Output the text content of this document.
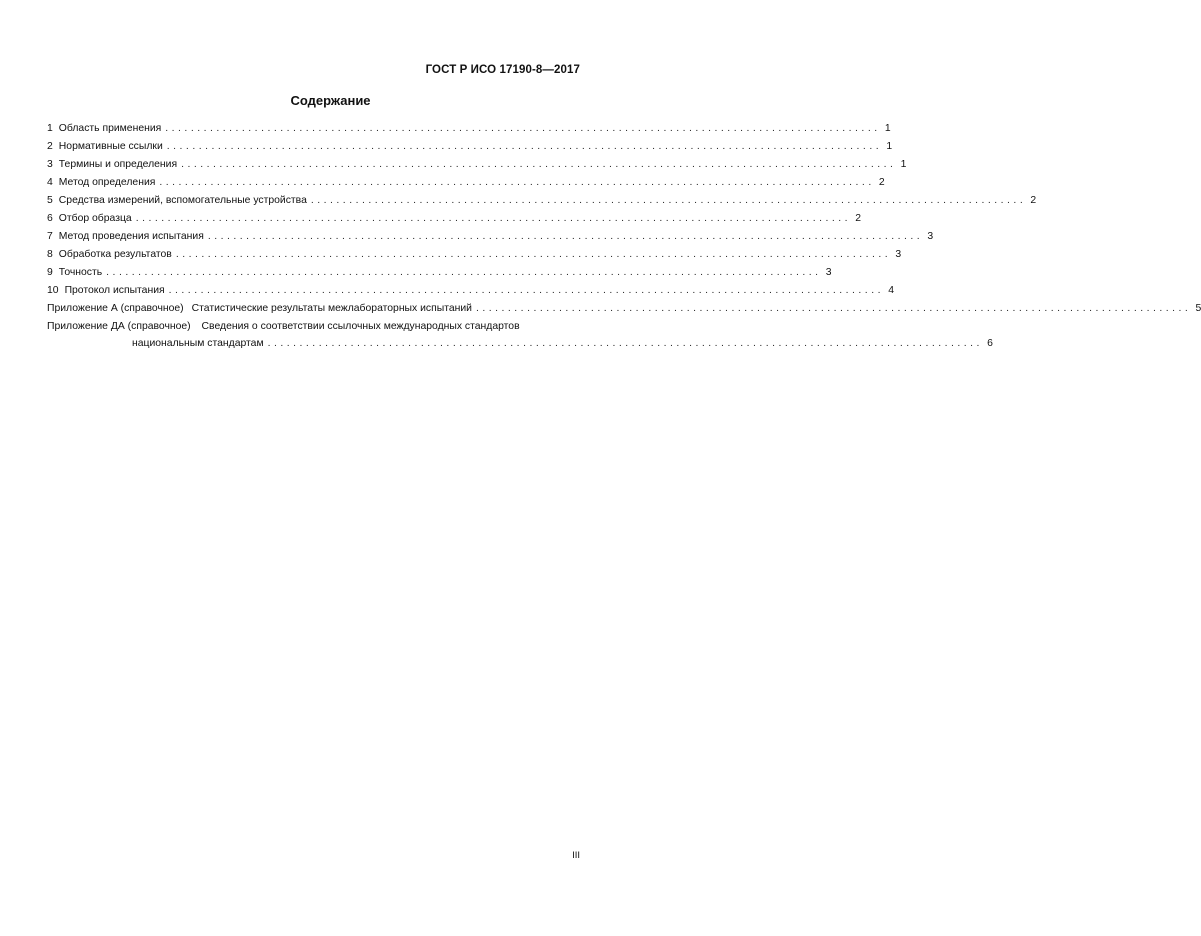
ГОСТ Р ИСО 17190-8—2017
Содержание
1 Область применения ................................................................................................................ 1
2 Нормативные ссылки ................................................................................................................ 1
3 Термины и определения ................................................................................................................ 1
4 Метод определения ................................................................................................................ 2
5 Средства измерений, вспомогательные устройства ................................................................................................................ 2
6 Отбор образца ................................................................................................................ 2
7 Метод проведения испытания ................................................................................................................ 3
8 Обработка результатов ................................................................................................................ 3
9 Точность ................................................................................................................ 3
10 Протокол испытания ................................................................................................................ 4
Приложение А (справочное) Статистические результаты межлабораторных испытаний ................................................................................................................ 5
Приложение ДА (справочное) Сведения о соответствии ссылочных международных стандартов
национальным стандартам ................................................................................................................ 6
III
